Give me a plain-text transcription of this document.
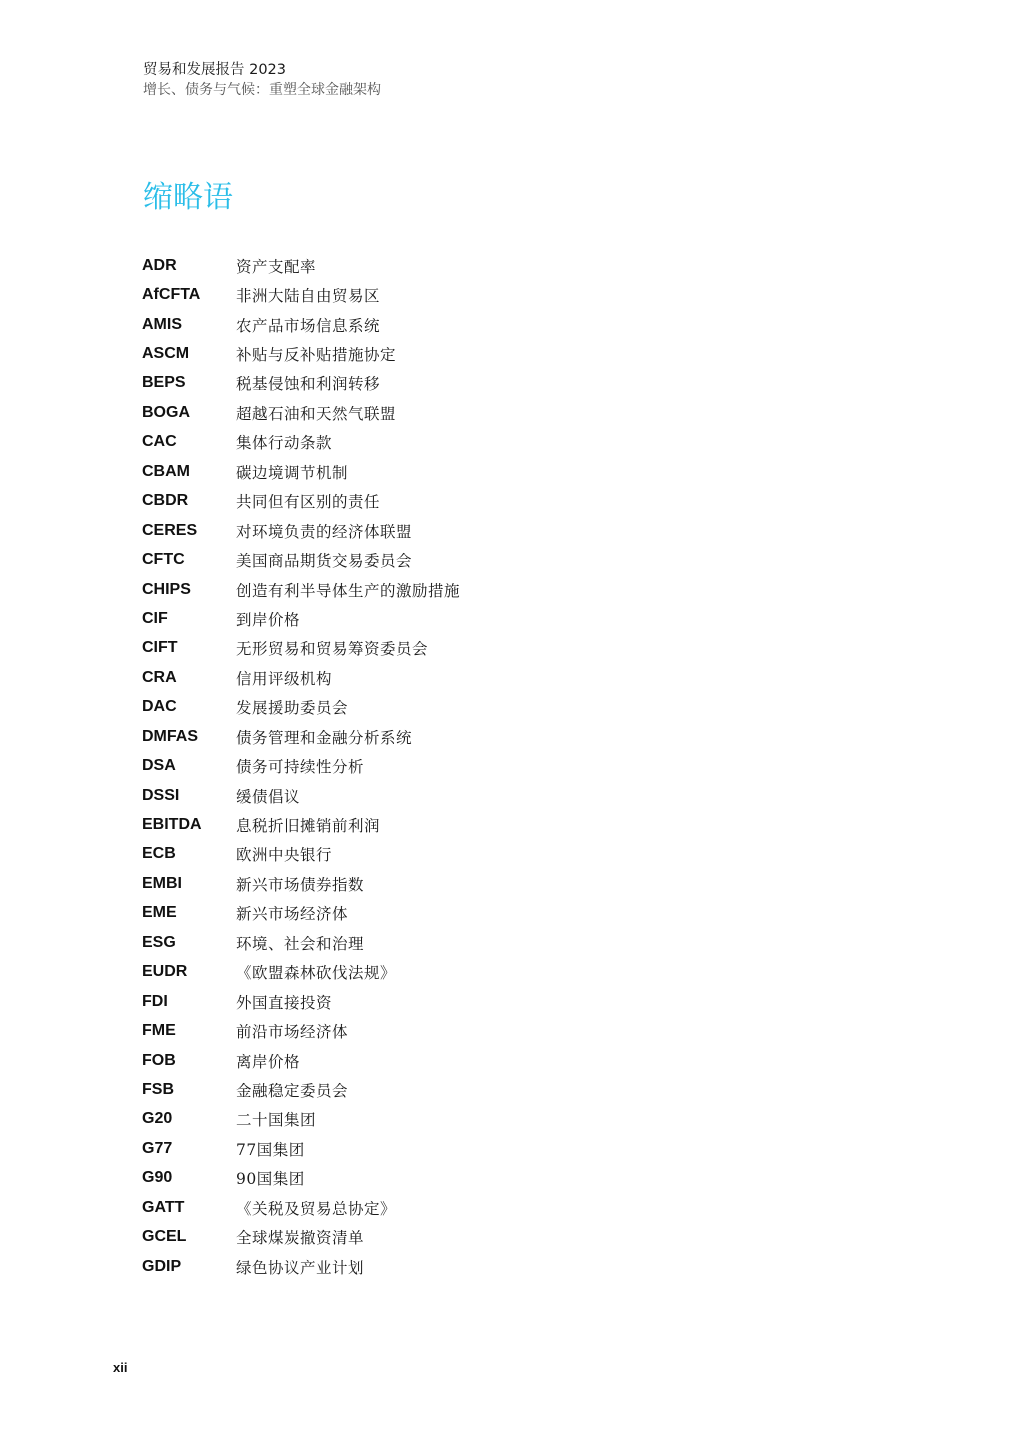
贸易和发展报告 2023
增长、债务与气候：重塑全球金融架构
缩略语
ADR	资产支配率
AfCFTA	非洲大陆自由贸易区
AMIS	农产品市场信息系统
ASCM	补贴与反补贴措施协定
BEPS	税基侵蚀和利润转移
BOGA	超越石油和天然气联盟
CAC	集体行动条款
CBAM	碳边境调节机制
CBDR	共同但有区别的责任
CERES	对环境负责的经济体联盟
CFTC	美国商品期货交易委员会
CHIPS	创造有利半导体生产的激励措施
CIF	到岸价格
CIFT	无形贸易和贸易筹资委员会
CRA	信用评级机构
DAC	发展援助委员会
DMFAS	债务管理和金融分析系统
DSA	债务可持续性分析
DSSI	缓债倡议
EBITDA	息税折旧摊销前利润
ECB	欧洲中央银行
EMBI	新兴市场债券指数
EME	新兴市场经济体
ESG	环境、社会和治理
EUDR	《欧盟森林砍伐法规》
FDI	外国直接投资
FME	前沿市场经济体
FOB	离岸价格
FSB	金融稳定委员会
G20	二十国集团
G77	77国集团
G90	90国集团
GATT	《关税及贸易总协定》
GCEL	全球煤炭撤资清单
GDIP	绿色协议产业计划
xii
